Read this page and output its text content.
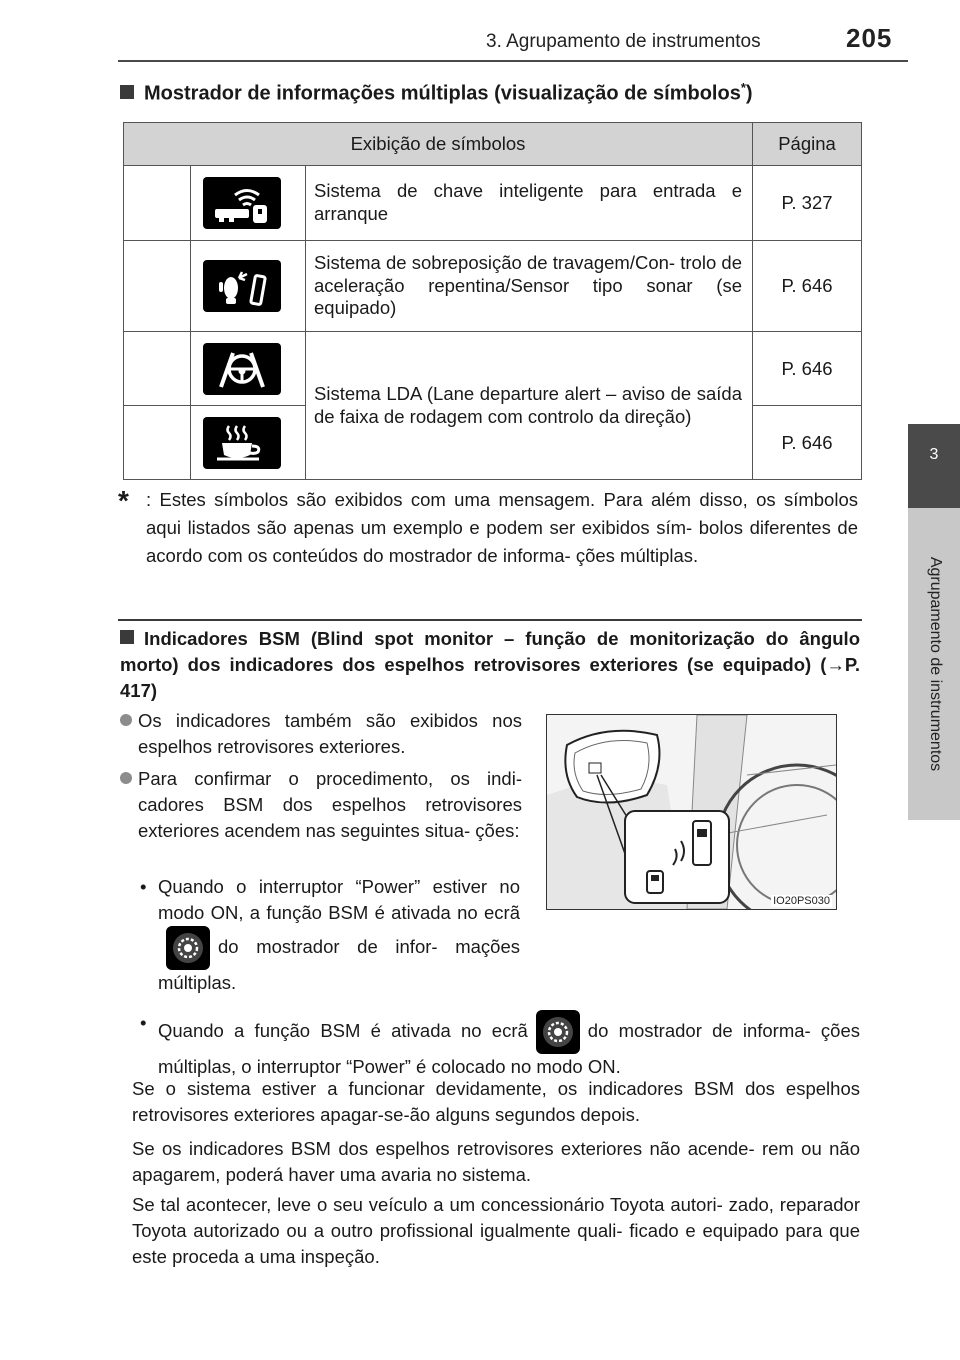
3. Agrupamento de instrumentos	205
3
Agrupamento de instrumentos
Mostrador de informações múltiplas (visualização de símbolos*)
Exibição de símbolos			Página

	Sistema de chave inteligente para entrada e arranque	P. 327

	Sistema de sobreposição de travagem/Con- trolo de aceleração repentina/Sensor tipo sonar (se equipado)	P. 646

	Sistema LDA (Lane departure alert – aviso de saída de faixa de rodagem com controlo da direção)	P. 646

	P. 646
* : Estes símbolos são exibidos com uma mensagem. Para além disso, os símbolos aqui listados são apenas um exemplo e podem ser exibidos sím- bolos diferentes de acordo com os conteúdos do mostrador de informa- ções múltiplas.
Indicadores BSM (Blind spot monitor – função de monitorização do ângulo morto) dos indicadores dos espelhos retrovisores exteriores (se equipado) (→P. 417)
Os indicadores também são exibidos nos espelhos retrovisores exteriores.
Para confirmar o procedimento, os indi- cadores BSM dos espelhos retrovisores exteriores acendem nas seguintes situa- ções:
• Quando o interruptor “Power” estiver no modo ON, a função BSM é ativada no ecrã
do mostrador de infor- mações múltiplas.
• Quando a função BSM é ativada no ecrã	do mostrador de informa- ções múltiplas, o interruptor “Power” é colocado no modo ON.
IO20PS030
Se o sistema estiver a funcionar devidamente, os indicadores BSM dos espelhos retrovisores exteriores apagar-se-ão alguns segundos depois.
Se os indicadores BSM dos espelhos retrovisores exteriores não acende- rem ou não apagarem, poderá haver uma avaria no sistema.
Se tal acontecer, leve o seu veículo a um concessionário Toyota autori- zado, reparador Toyota autorizado ou a outro profissional igualmente quali- ficado e equipado para que este proceda a uma inspeção.
